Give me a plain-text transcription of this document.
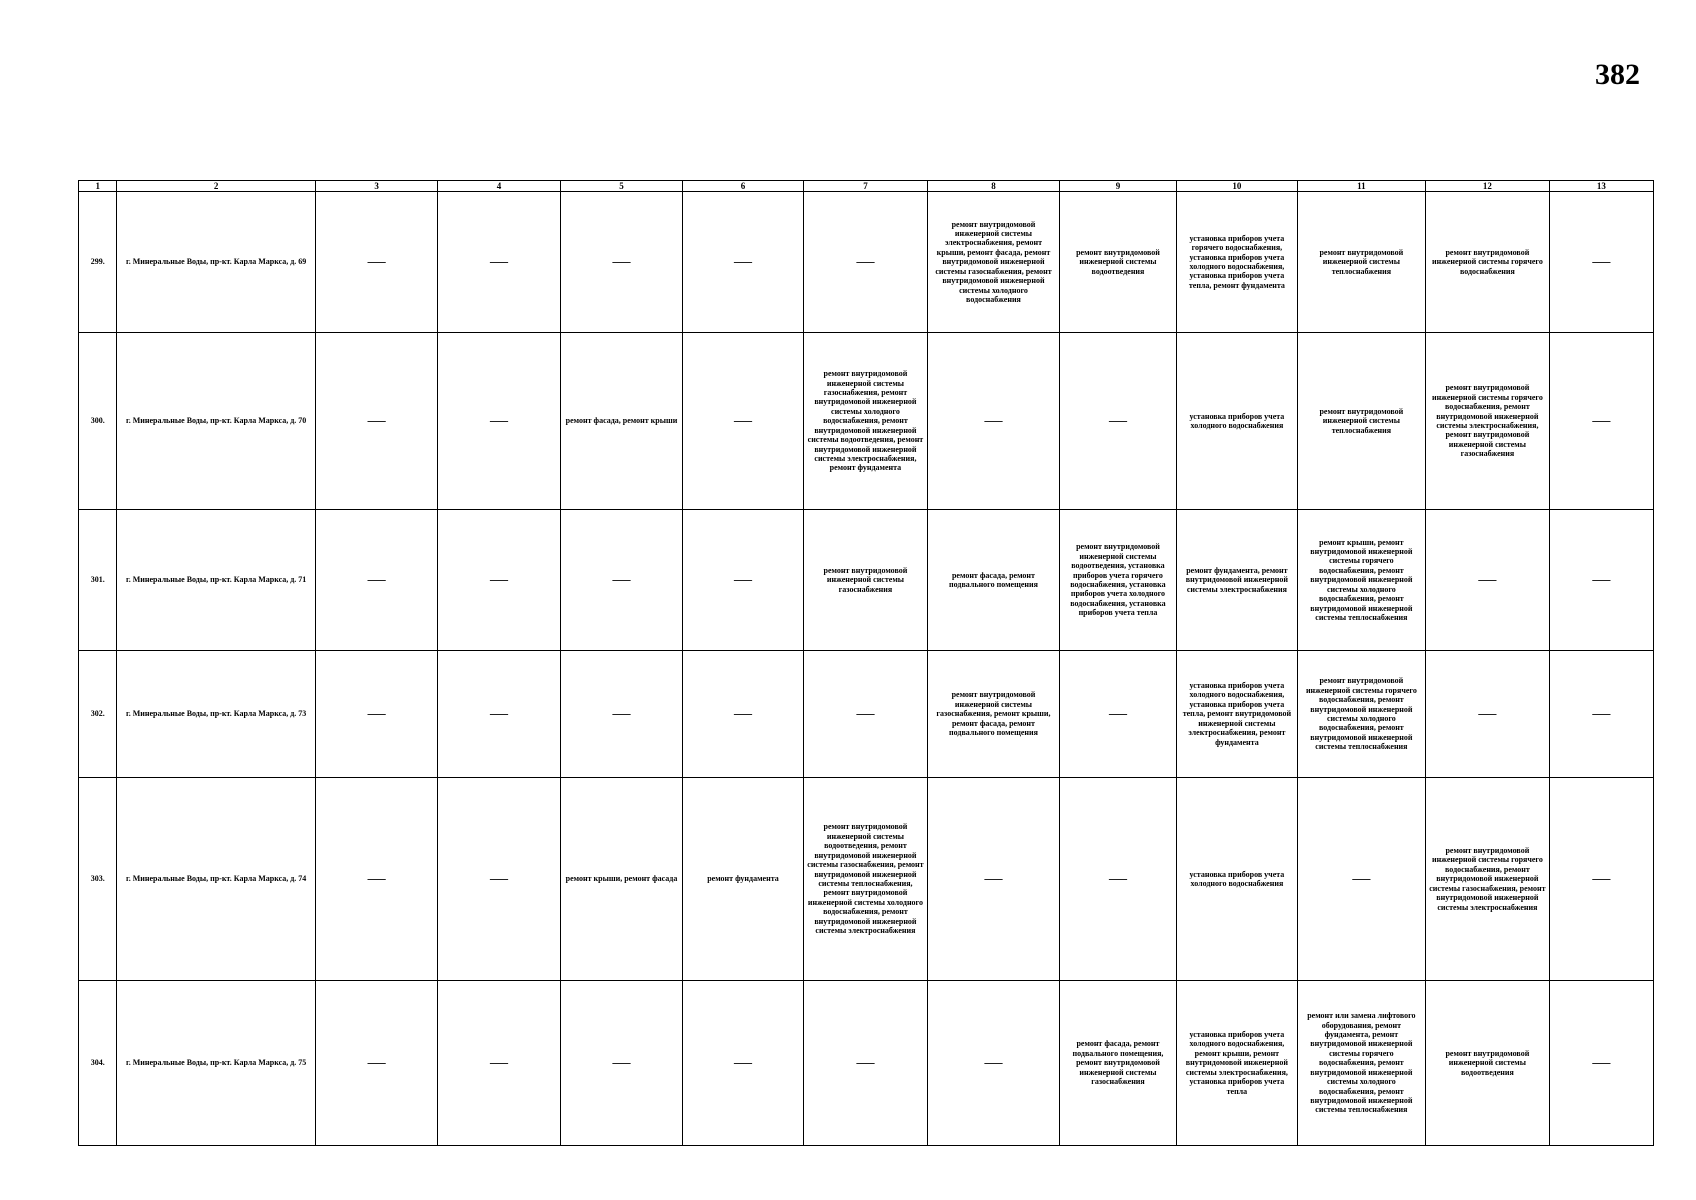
382
1	2	3	4	5	6	7	8	9	10	11	12	13
299.	г. Минеральные Воды, пр-кт. Карла Маркса, д. 69	—	—	—	—	—	ремонт внутридомовой инженерной системы электроснабжения, ремонт крыши, ремонт фасада, ремонт внутридомовой инженерной системы газоснабжения, ремонт внутридомовой инженерной системы холодного водоснабжения	ремонт внутридомовой инженерной системы водоотведения	установка приборов учета горячего водоснабжения, установка приборов учета холодного водоснабжения, установка приборов учета тепла, ремонт фундамента	ремонт внутридомовой инженерной системы теплоснабжения	ремонт внутридомовой инженерной системы горячего водоснабжения	—
300.	г. Минеральные Воды, пр-кт. Карла Маркса, д. 70	—	—	ремонт фасада, ремонт крыши	—	ремонт внутридомовой инженерной системы газоснабжения, ремонт внутридомовой инженерной системы холодного водоснабжения, ремонт внутридомовой инженерной системы водоотведения, ремонт внутридомовой инженерной системы электроснабжения, ремонт фундамента	—	—	установка приборов учета холодного водоснабжения	ремонт внутридомовой инженерной системы теплоснабжения	ремонт внутридомовой инженерной системы горячего водоснабжения, ремонт внутридомовой инженерной системы электроснабжения, ремонт внутридомовой инженерной системы газоснабжения	—
301.	г. Минеральные Воды, пр-кт. Карла Маркса, д. 71	—	—	—	—	ремонт внутридомовой инженерной системы газоснабжения	ремонт фасада, ремонт подвального помещения	ремонт внутридомовой инженерной системы водоотведения, установка приборов учета горячего водоснабжения, установка приборов учета холодного водоснабжения, установка приборов учета тепла	ремонт фундамента, ремонт внутридомовой инженерной системы электроснабжения	ремонт крыши, ремонт внутридомовой инженерной системы горячего водоснабжения, ремонт внутридомовой инженерной системы холодного водоснабжения, ремонт внутридомовой инженерной системы теплоснабжения	—	—
302.	г. Минеральные Воды, пр-кт. Карла Маркса, д. 73	—	—	—	—	—	ремонт внутридомовой инженерной системы газоснабжения, ремонт крыши, ремонт фасада, ремонт подвального помещения	—	установка приборов учета холодного водоснабжения, установка приборов учета тепла, ремонт внутридомовой инженерной системы электроснабжения, ремонт фундамента	ремонт внутридомовой инженерной системы горячего водоснабжения, ремонт внутридомовой инженерной системы холодного водоснабжения, ремонт внутридомовой инженерной системы теплоснабжения	—	—
303.	г. Минеральные Воды, пр-кт. Карла Маркса, д. 74	—	—	ремонт крыши, ремонт фасада	ремонт фундамента	ремонт внутридомовой инженерной системы водоотведения, ремонт внутридомовой инженерной системы газоснабжения, ремонт внутридомовой инженерной системы теплоснабжения, ремонт внутридомовой инженерной системы холодного водоснабжения, ремонт внутридомовой инженерной системы электроснабжения	—	—	установка приборов учета холодного водоснабжения	—	ремонт внутридомовой инженерной системы горячего водоснабжения, ремонт внутридомовой инженерной системы газоснабжения, ремонт внутридомовой инженерной системы электроснабжения	—
304.	г. Минеральные Воды, пр-кт. Карла Маркса, д. 75	—	—	—	—	—	—	ремонт фасада, ремонт подвального помещения, ремонт внутридомовой инженерной системы газоснабжения	установка приборов учета холодного водоснабжения, ремонт крыши, ремонт внутридомовой инженерной системы электроснабжения, установка приборов учета тепла	ремонт или замена лифтового оборудования, ремонт фундамента, ремонт внутридомовой инженерной системы горячего водоснабжения, ремонт внутридомовой инженерной системы холодного водоснабжения, ремонт внутридомовой инженерной системы теплоснабжения	ремонт внутридомовой инженерной системы водоотведения	—
